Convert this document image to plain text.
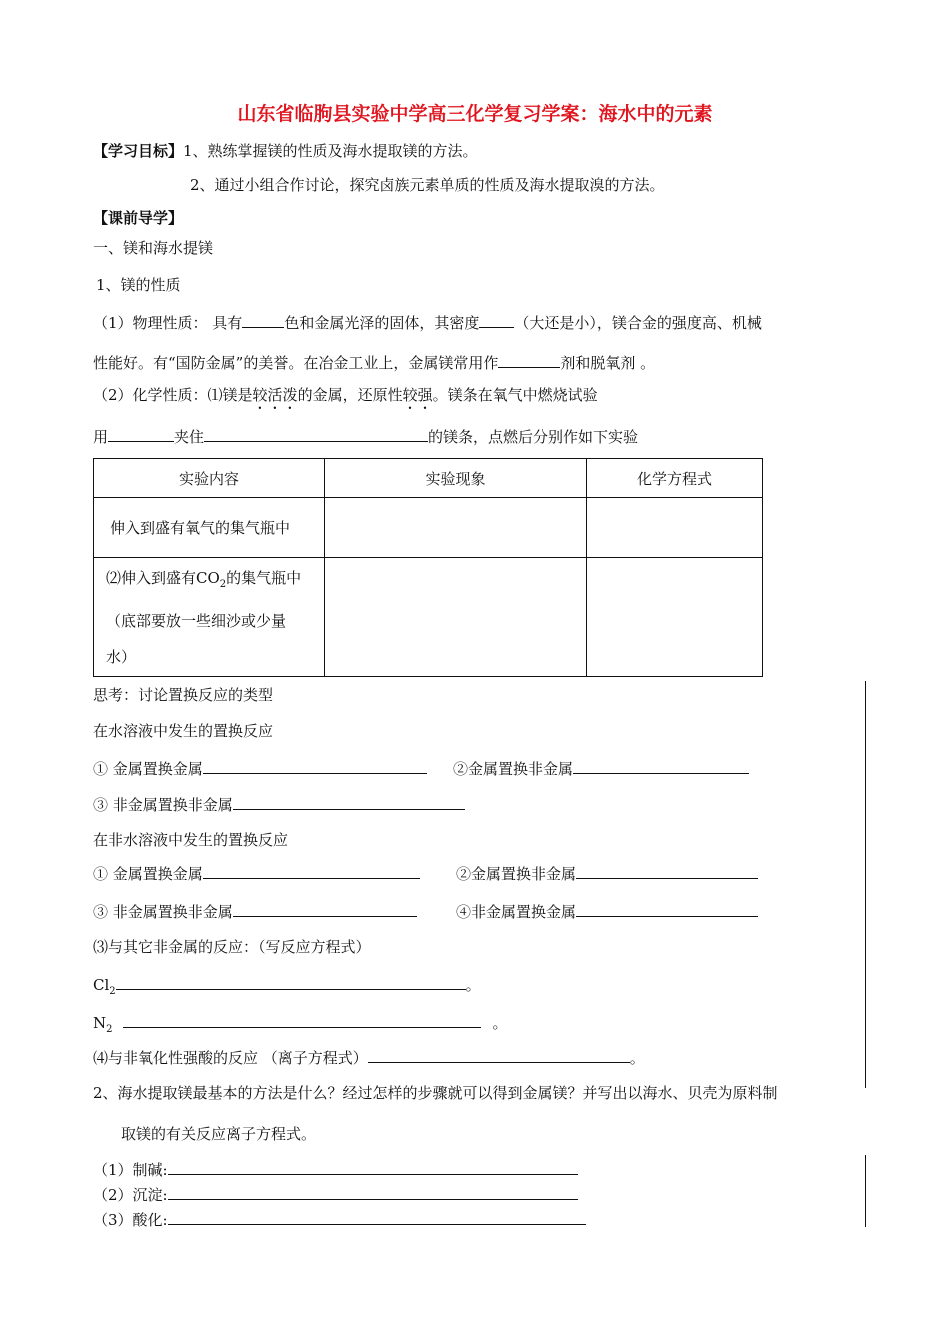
山东省临朐县实验中学高三化学复习学案：海水中的元素
【学习目标】1、熟练掌握镁的性质及海水提取镁的方法。
2、通过小组合作讨论，探究卤族元素单质的性质及海水提取溴的方法。
【课前导学】
一、镁和海水提镁
1、镁的性质
（1）物理性质： 具有	色和金属光泽的固体，其密度 （大还是小），镁合金的强度高、机械
性能好。有“国防金属”的美誉。在冶金工业上，金属镁常用作	剂和脱氧剂 。
（2）化学性质：⑴镁是较活泼的金属，还原性较强。镁条在氧气中燃烧试验
用	夹住	的镁条，点燃后分别作如下实验
实验内容	实验现象	化学方程式

伸入到盛有氧气的集气瓶中		

⑵伸入到盛有$CO_2$的集气瓶中（底部要放一些细沙或少量水）		

思考：讨论置换反应的类型
在水溶液中发生的置换反应
① 金属置换金属	②金属置换非金属
③ 非金属置换非金属
在非水溶液中发生的置换反应
① 金属置换金属	②金属置换非金属
③ 非金属置换非金属	④非金属置换金属
⑶与其它非金属的反应：（写反应方程式）
$Cl_2$	。
$N_2$	。
⑷与非氧化性强酸的反应 （离子方程式）	。
2、海水提取镁最基本的方法是什么？经过怎样的步骤就可以得到金属镁？并写出以海水、贝壳为原料制
取镁的有关反应离子方程式。
（1）制碱:
（2）沉淀:
（3）酸化:
